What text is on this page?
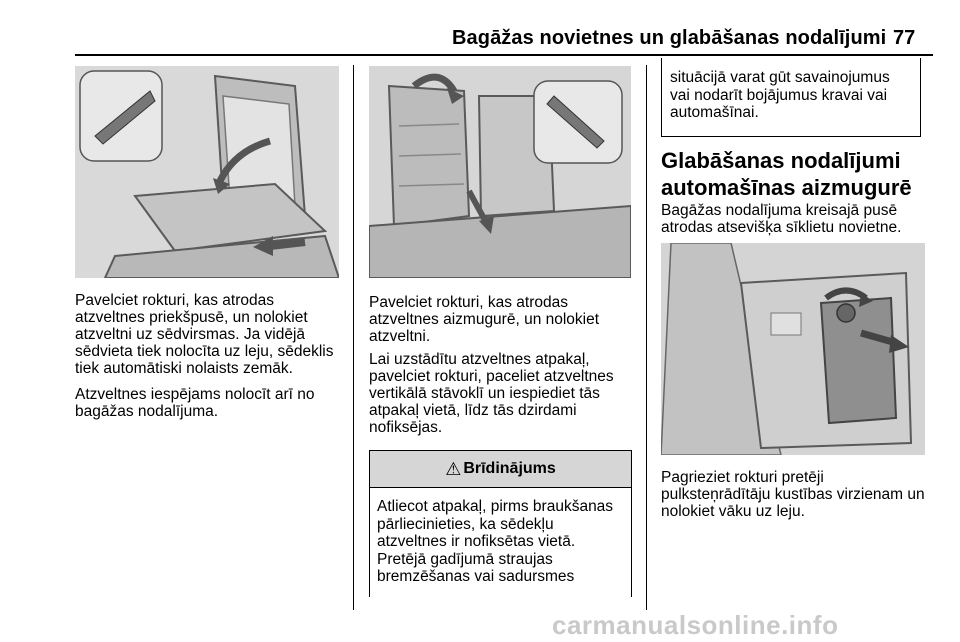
Bagāžas novietnes un glabāšanas nodalījumi 77

Pavelciet rokturi, kas atrodas atzveltnes priekšpusē, un nolokiet atzveltni uz sēdvirsmas. Ja vidējā sēdvieta tiek nolocīta uz leju, sēdeklis tiek automātiski nolaists zemāk.

Atzveltnes iespējams nolocīt arī no bagāžas nodalījuma.

Pavelciet rokturi, kas atrodas atzveltnes aizmugurē, un nolokiet atzveltni.

Lai uzstādītu atzveltnes atpakaļ, pavelciet rokturi, paceliet atzveltnes vertikālā stāvoklī un iespiediet tās atpakaļ vietā, līdz tās dzirdami nofiksējas.

⚠ Brīdinājums

Atliecot atpakaļ, pirms braukšanas pārliecinieties, ka sēdekļu atzveltnes ir nofiksētas vietā. Pretējā gadījumā straujas bremzēšanas vai sadursmes

situācijā varat gūt savainojumus vai nodarīt bojājumus kravai vai automašīnai.

Glabāšanas nodalījumi automašīnas aizmugurē

Bagāžas nodalījuma kreisajā pusē atrodas atsevišķa sīklietu novietne.

Pagrieziet rokturi pretēji pulksteņrādītāju kustības virzienam un nolokiet vāku uz leju.

carmanualsonline.info
